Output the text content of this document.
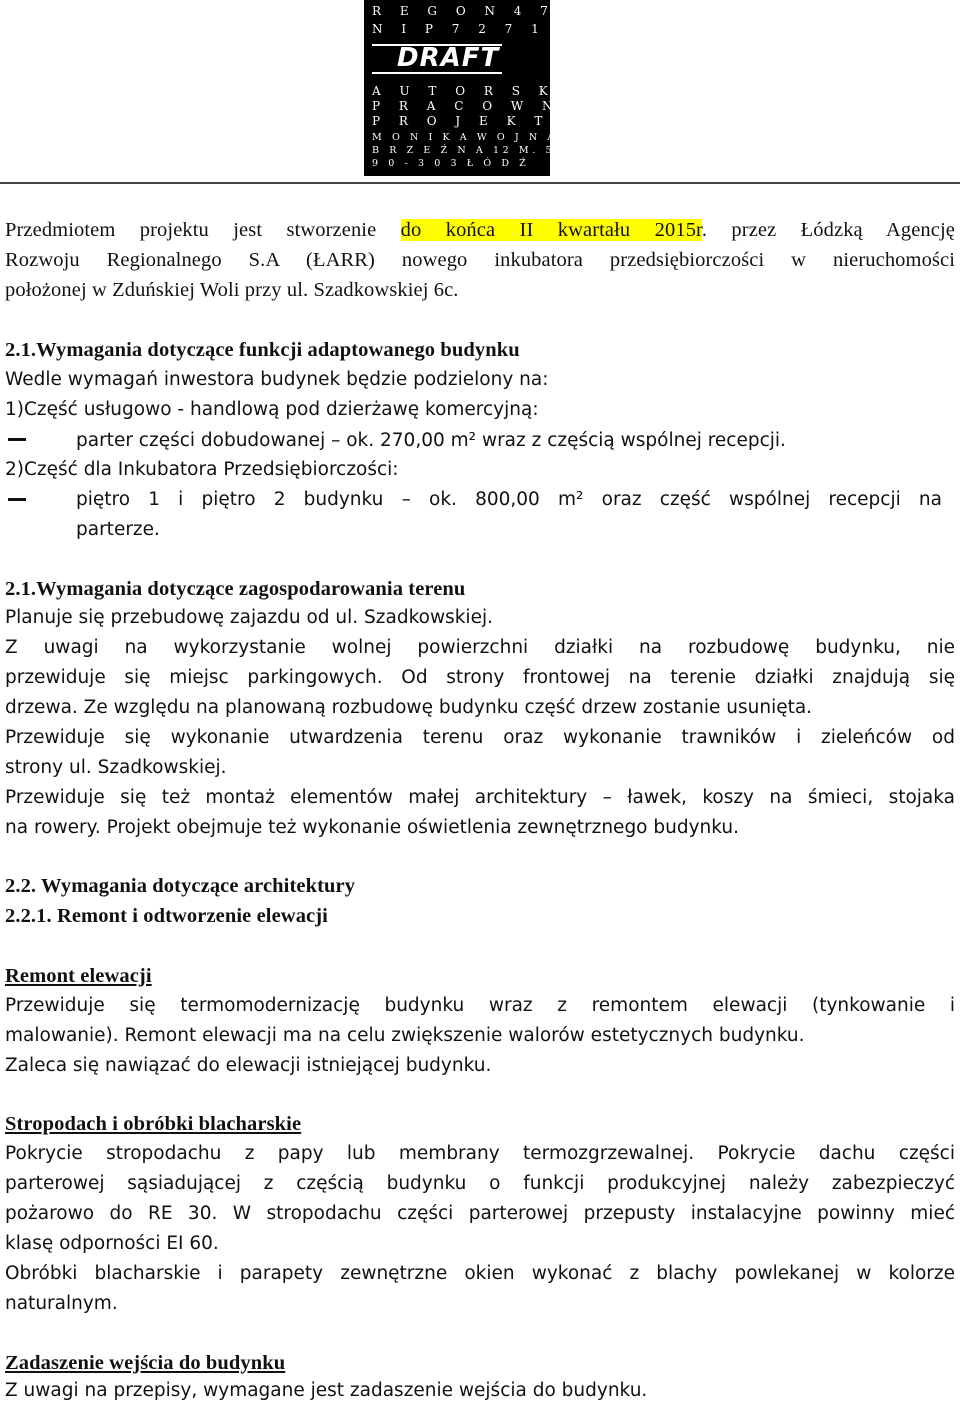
R E G O N 4 7 2 4 0 2 5 3 7
N I P 7 2 7 1 7 5 9 6 1 1
DRAFT
A U T O R S K A
P R A C O W N I A
P R O J E K T O W A
M O N I K A W O J N A R O W S K A
B R Z E Ź N A 12 M. 5
9 0 - 3 0 3 Ł Ó D Ź
Przedmiotem projektu jest stworzenie do końca II kwartału 2015r. przez Łódzką Agencję
Rozwoju Regionalnego S.A (ŁARR) nowego inkubatora przedsiębiorczości w nieruchomości
położonej w Zduńskiej Woli przy ul. Szadkowskiej 6c.
2.1.Wymagania dotyczące funkcji adaptowanego budynku
Wedle wymagań inwestora budynek będzie podzielony na:
1)Część usługowo - handlową pod dzierżawę komercyjną:
parter części dobudowanej – ok. 270,00 m² wraz z częścią wspólnej recepcji.
2)Część dla Inkubatora Przedsiębiorczości:
piętro 1 i piętro 2 budynku – ok. 800,00 m² oraz część wspólnej recepcji na
parterze.
2.1.Wymagania dotyczące zagospodarowania terenu
Planuje się przebudowę zajazdu od ul. Szadkowskiej.
Z uwagi na wykorzystanie wolnej powierzchni działki na rozbudowę budynku, nie
przewiduje się miejsc parkingowych. Od strony frontowej na terenie działki znajdują się
drzewa. Ze względu na planowaną rozbudowę budynku część drzew zostanie usunięta.
Przewiduje się wykonanie utwardzenia terenu oraz wykonanie trawników i zieleńców od
strony ul. Szadkowskiej.
Przewiduje się też montaż elementów małej architektury – ławek, koszy na śmieci, stojaka
na rowery. Projekt obejmuje też wykonanie oświetlenia zewnętrznego budynku.
2.2. Wymagania dotyczące architektury
2.2.1. Remont i odtworzenie elewacji
Remont elewacji
Przewiduje się termomodernizację budynku wraz z remontem elewacji (tynkowanie i
malowanie). Remont elewacji ma na celu zwiększenie walorów estetycznych budynku.
Zaleca się nawiązać do elewacji istniejącej budynku.
Stropodach i obróbki blacharskie
Pokrycie stropodachu z papy lub membrany termozgrzewalnej. Pokrycie dachu części
parterowej sąsiadującej z częścią budynku o funkcji produkcyjnej należy zabezpieczyć
pożarowo do RE 30. W stropodachu części parterowej przepusty instalacyjne powinny mieć
klasę odporności EI 60.
Obróbki blacharskie i parapety zewnętrzne okien wykonać z blachy powlekanej w kolorze
naturalnym.
Zadaszenie wejścia do budynku
Z uwagi na przepisy, wymagane jest zadaszenie wejścia do budynku.
